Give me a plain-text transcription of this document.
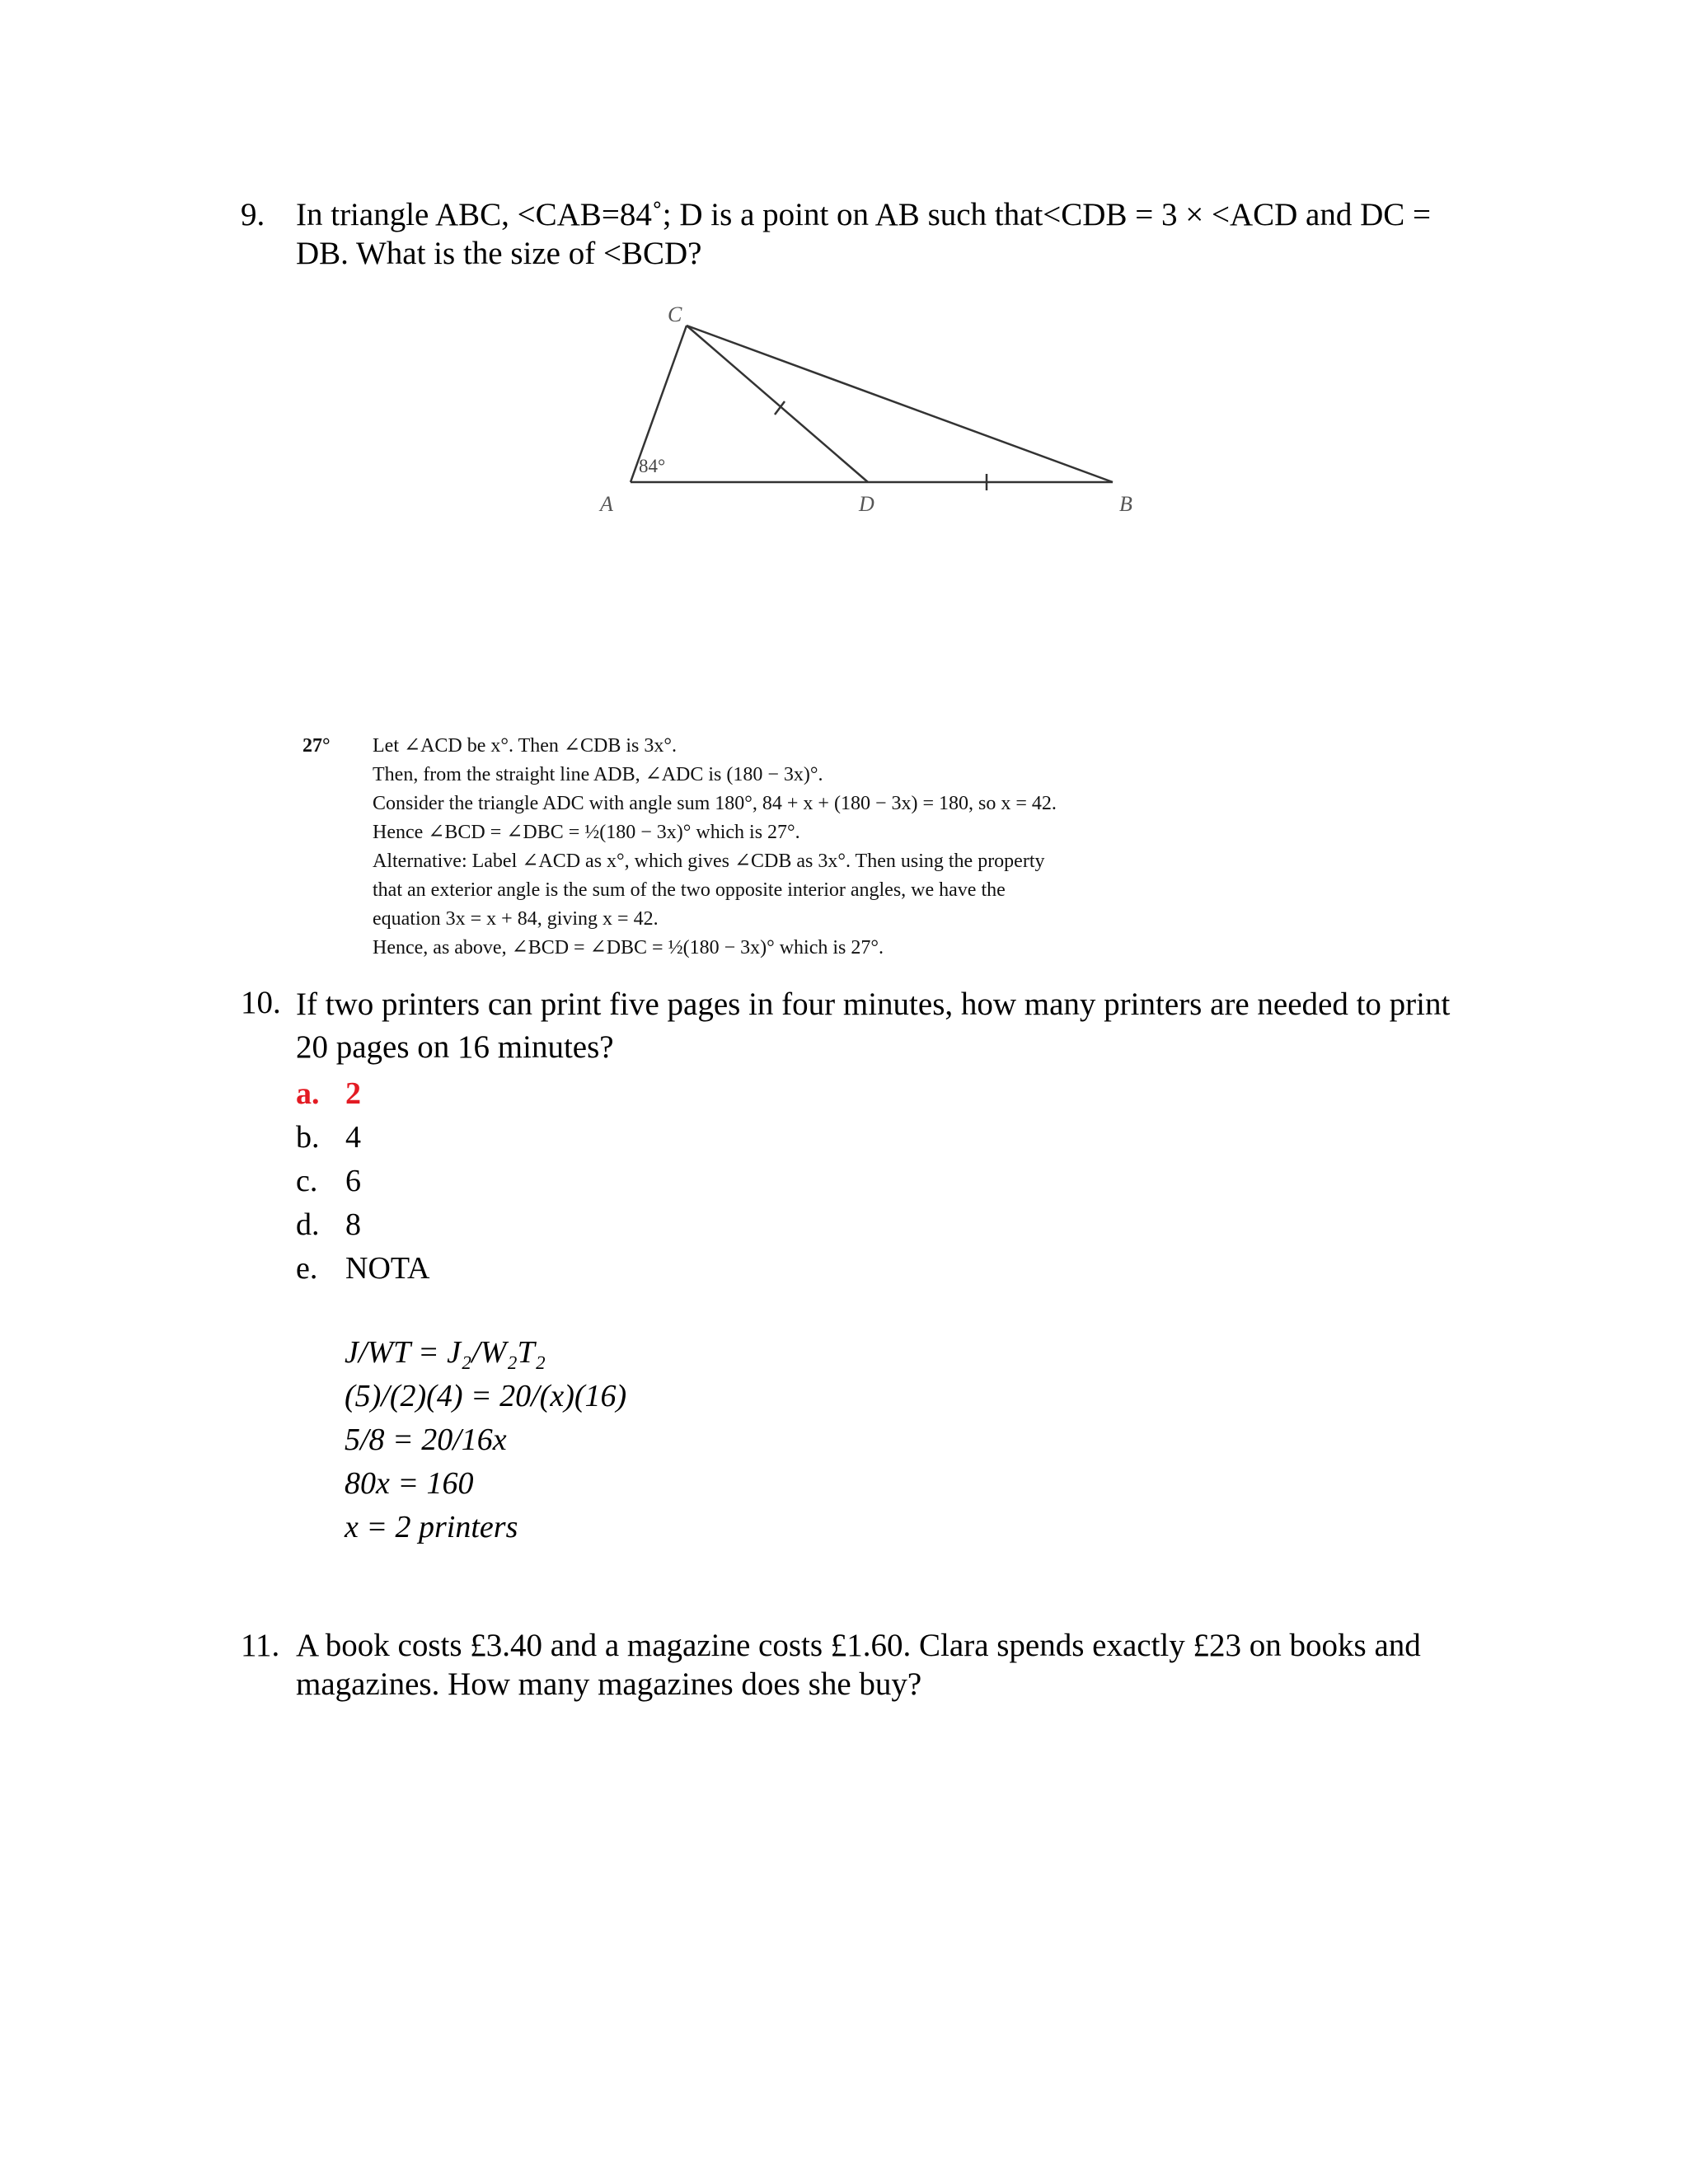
9. In triangle ABC, <CAB=84˚; D is a point on AB such that<CDB = 3 × <ACD and DC =
DB. What is the size of <BCD?
C
A	D	B
84°
27° Let ∠ACD be x°. Then ∠CDB is 3x°.
Then, from the straight line ADB, ∠ADC is (180 − 3x)°.
Consider the triangle ADC with angle sum 180°, 84 + x + (180 − 3x) = 180, so x = 42.
Hence ∠BCD = ∠DBC = ½(180 − 3x)° which is 27°.
Alternative: Label ∠ACD as x°, which gives ∠CDB as 3x°. Then using the property
that an exterior angle is the sum of the two opposite interior angles, we have the
equation 3x = x + 84, giving x = 42.
Hence, as above, ∠BCD = ∠DBC = ½(180 − 3x)° which is 27°.
10. If two printers can print five pages in four minutes, how many printers are needed to print
20 pages on 16 minutes?
a. 2
b. 4
c. 6
d. 8
e. NOTA
J/WT = J₂/W₂T₂
(5)/(2)(4) = 20/(x)(16)
5/8 = 20/16x
80x = 160
x = 2 printers
11. A book costs £3.40 and a magazine costs £1.60. Clara spends exactly £23 on books and
magazines. How many magazines does she buy?
